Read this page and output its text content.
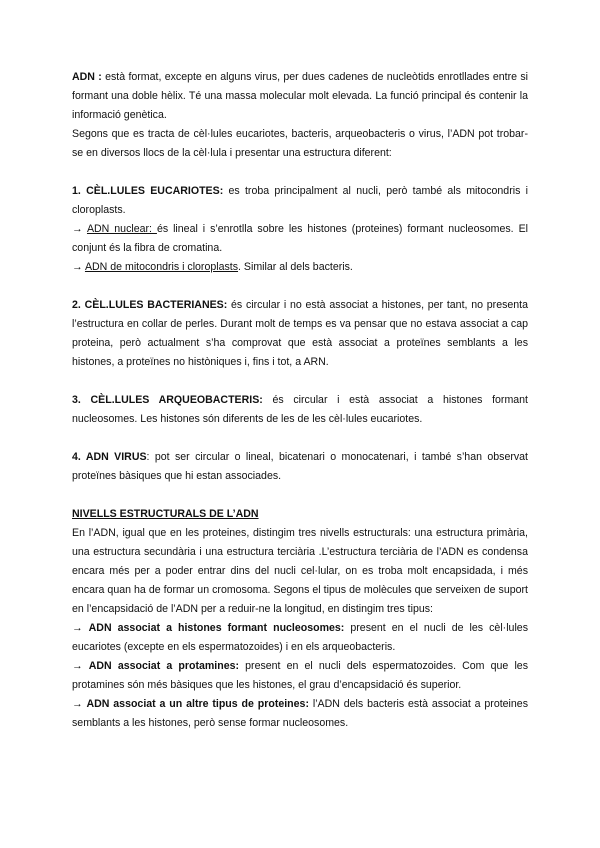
ADN : està format, excepte en alguns virus, per dues cadenes de nucleòtids enrotllades entre si formant una doble hèlix. Té una massa molecular molt elevada. La funció principal és contenir la informació genètica.

Segons que es tracta de cèl·lules eucariotes, bacteris, arqueobacteris o virus, l’ADN pot trobar-se en diversos llocs de la cèl·lula i presentar una estructura diferent:

1. CÈL.LULES EUCARIOTES: es troba principalment al nucli, però també als mitocondris i cloroplasts.

→ ADN nuclear: és lineal i s’enrotlla sobre les histones (proteines) formant nucleosomes. El conjunt és la fibra de cromatina.

→ ADN de mitocondris i cloroplasts. Similar al dels bacteris.

2. CÈL.LULES BACTERIANES: és circular i no està associat a histones, per tant, no presenta l’estructura en collar de perles. Durant molt de temps es va pensar que no estava associat a cap proteina, però actualment s’ha comprovat que està associat a proteïnes semblants a les histones, a proteïnes no històniques i, fins i tot, a ARN.

3. CÈL.LULES ARQUEOBACTERIS: és circular i està associat a histones formant nucleosomes. Les histones són diferents de les de les cèl·lules eucariotes.

4. ADN VIRUS: pot ser circular o lineal, bicatenari o monocatenari, i també s’han observat proteïnes bàsiques que hi estan associades.

NIVELLS ESTRUCTURALS DE L’ADN

En l’ADN, igual que en les proteines, distingim tres nivells estructurals: una estructura primària, una estructura secundària i una estructura terciària .L’estructura terciària de l’ADN es condensa encara més per a poder entrar dins del nucli cel·lular, on es troba molt encapsidada, i més encara quan ha de formar un cromosoma. Segons el tipus de molècules que serveixen de suport en l’encapsidació de l’ADN per a reduir-ne la longitud, en distingim tres tipus:

→ ADN associat a histones formant nucleosomes: present en el nucli de les cèl·lules eucariotes (excepte en els espermatozoides) i en els arqueobacteris.

→ ADN associat a protamines: present en el nucli dels espermatozoides. Com que les protamines són més bàsiques que les histones, el grau d’encapsidació és superior.

→ ADN associat a un altre tipus de proteines: l’ADN dels bacteris està associat a proteines semblants a les histones, però sense formar nucleosomes.
